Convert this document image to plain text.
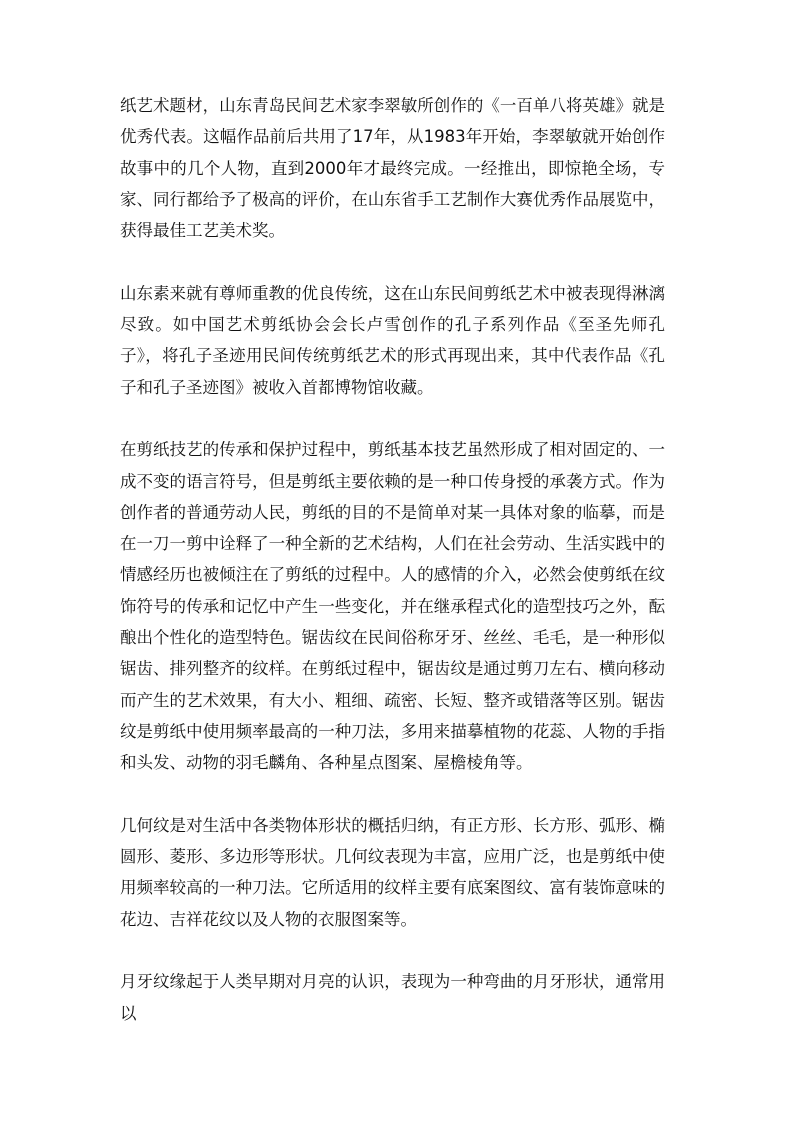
纸艺术题材，山东青岛民间艺术家李翠敏所创作的《一百单八将英雄》就是优秀代表。这幅作品前后共用了17年，从1983年开始，李翠敏就开始创作故事中的几个人物，直到2000年才最终完成。一经推出，即惊艳全场，专家、同行都给予了极高的评价，在山东省手工艺制作大赛优秀作品展览中，获得最佳工艺美术奖。

山东素来就有尊师重教的优良传统，这在山东民间剪纸艺术中被表现得淋漓尽致。如中国艺术剪纸协会会长卢雪创作的孔子系列作品《至圣先师孔子》，将孔子圣迹用民间传统剪纸艺术的形式再现出来，其中代表作品《孔子和孔子圣迹图》被收入首都博物馆收藏。

在剪纸技艺的传承和保护过程中，剪纸基本技艺虽然形成了相对固定的、一成不变的语言符号，但是剪纸主要依赖的是一种口传身授的承袭方式。作为创作者的普通劳动人民，剪纸的目的不是简单对某一具体对象的临摹，而是在一刀一剪中诠释了一种全新的艺术结构，人们在社会劳动、生活实践中的情感经历也被倾注在了剪纸的过程中。人的感情的介入，必然会使剪纸在纹饰符号的传承和记忆中产生一些变化，并在继承程式化的造型技巧之外，酝酿出个性化的造型特色。锯齿纹在民间俗称牙牙、丝丝、毛毛，是一种形似锯齿、排列整齐的纹样。在剪纸过程中，锯齿纹是通过剪刀左右、横向移动而产生的艺术效果，有大小、粗细、疏密、长短、整齐或错落等区别。锯齿纹是剪纸中使用频率最高的一种刀法，多用来描摹植物的花蕊、人物的手指和头发、动物的羽毛麟角、各种星点图案、屋檐棱角等。

几何纹是对生活中各类物体形状的概括归纳，有正方形、长方形、弧形、椭圆形、菱形、多边形等形状。几何纹表现为丰富，应用广泛，也是剪纸中使用频率较高的一种刀法。它所适用的纹样主要有底案图纹、富有装饰意味的花边、吉祥花纹以及人物的衣服图案等。

月牙纹缘起于人类早期对月亮的认识，表现为一种弯曲的月牙形状，通常用以
